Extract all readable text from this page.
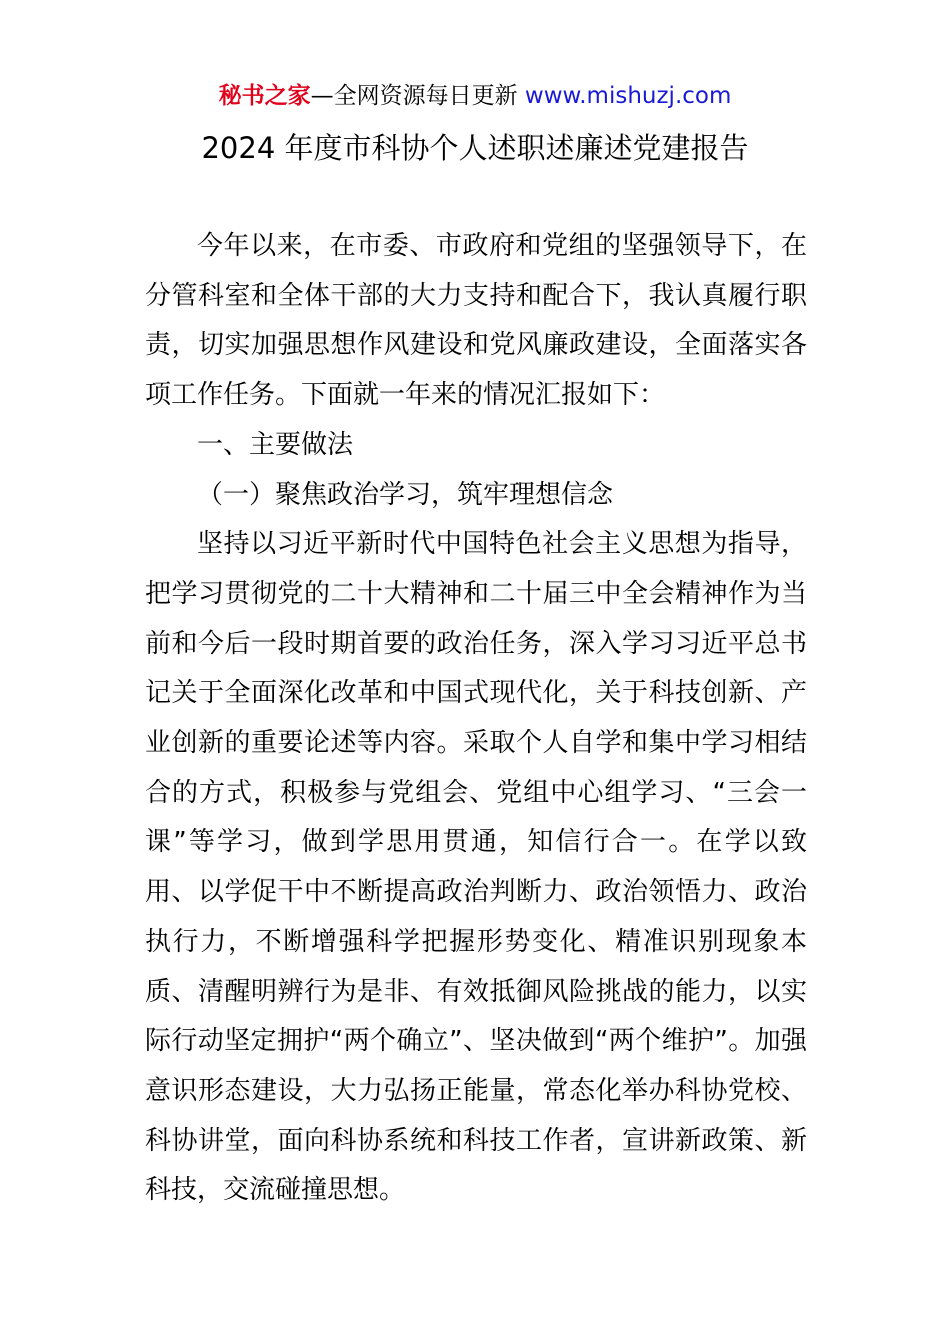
秘书之家—全网资源每日更新 www.mishuzj.com
2024 年度市科协个人述职述廉述党建报告

今年以来，在市委、市政府和党组的坚强领导下，在分管科室和全体干部的大力支持和配合下，我认真履行职责，切实加强思想作风建设和党风廉政建设，全面落实各项工作任务。下面就一年来的情况汇报如下：

一、主要做法

（一）聚焦政治学习，筑牢理想信念

坚持以习近平新时代中国特色社会主义思想为指导，把学习贯彻党的二十大精神和二十届三中全会精神作为当前和今后一段时期首要的政治任务，深入学习习近平总书记关于全面深化改革和中国式现代化，关于科技创新、产业创新的重要论述等内容。采取个人自学和集中学习相结合的方式，积极参与党组会、党组中心组学习、“三会一课”等学习，做到学思用贯通，知信行合一。在学以致用、以学促干中不断提高政治判断力、政治领悟力、政治执行力，不断增强科学把握形势变化、精准识别现象本质、清醒明辨行为是非、有效抵御风险挑战的能力，以实际行动坚定拥护“两个确立”、坚决做到“两个维护”。加强意识形态建设，大力弘扬正能量，常态化举办科协党校、科协讲堂，面向科协系统和科技工作者，宣讲新政策、新科技，交流碰撞思想。
